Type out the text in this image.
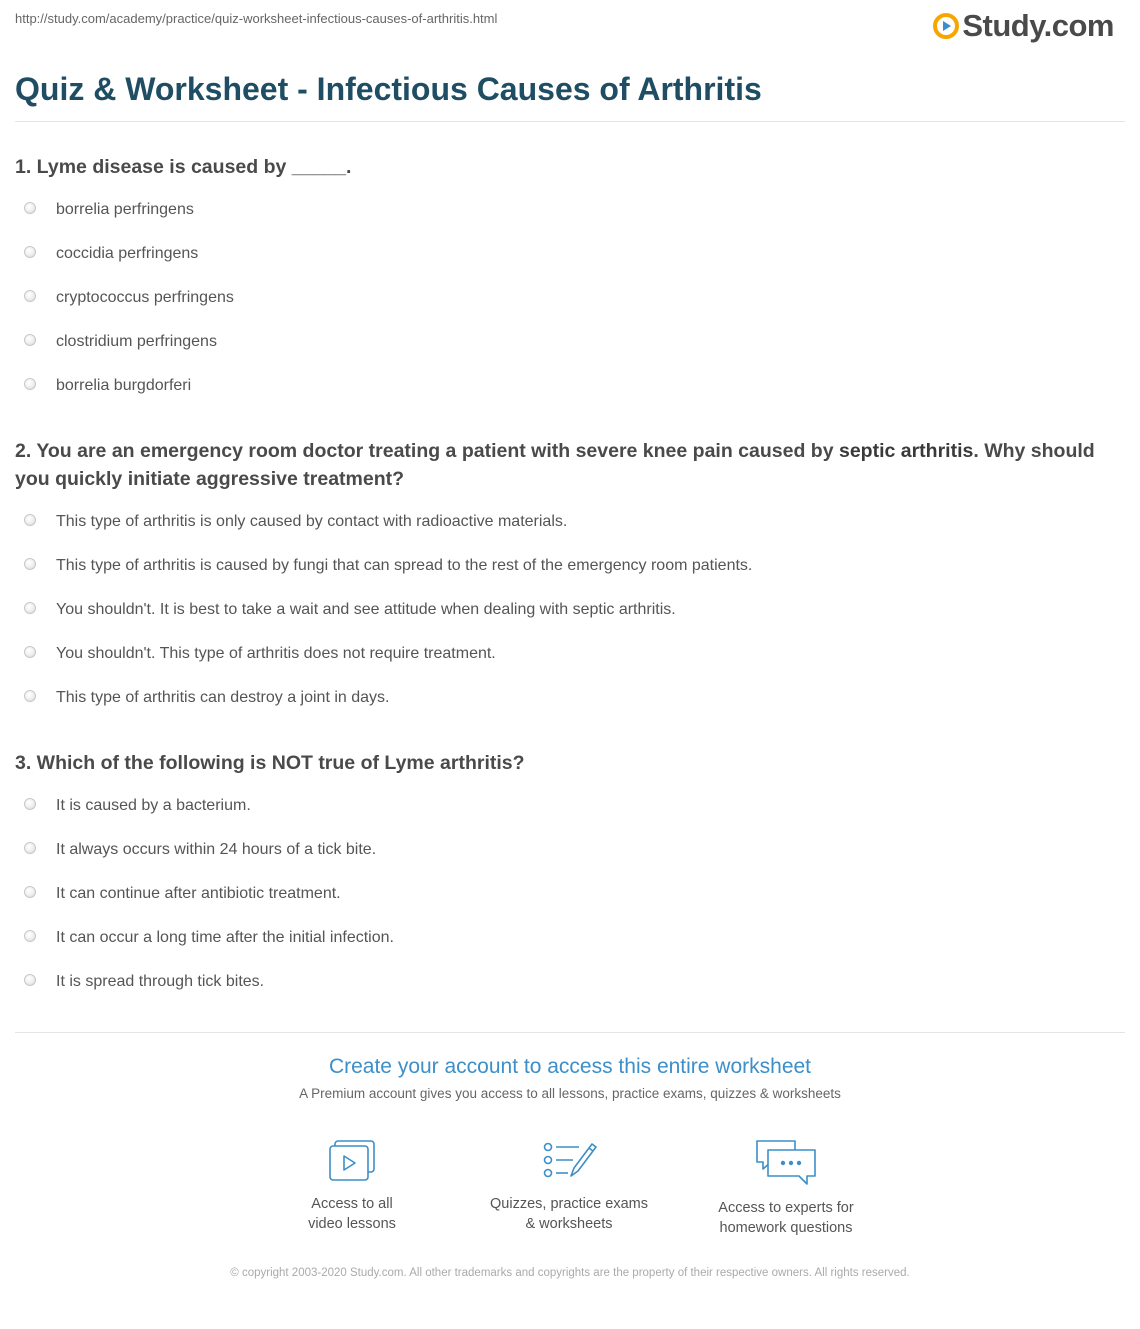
http://study.com/academy/practice/quiz-worksheet-infectious-causes-of-arthritis.html	Study.com
Quiz & Worksheet - Infectious Causes of Arthritis
1. Lyme disease is caused by _____.
borrelia perfringens
coccidia perfringens
cryptococcus perfringens
clostridium perfringens
borrelia burgdorferi
2. You are an emergency room doctor treating a patient with severe knee pain caused by septic arthritis. Why should you quickly initiate aggressive treatment?
This type of arthritis is only caused by contact with radioactive materials.
This type of arthritis is caused by fungi that can spread to the rest of the emergency room patients.
You shouldn't. It is best to take a wait and see attitude when dealing with septic arthritis.
You shouldn't. This type of arthritis does not require treatment.
This type of arthritis can destroy a joint in days.
3. Which of the following is NOT true of Lyme arthritis?
It is caused by a bacterium.
It always occurs within 24 hours of a tick bite.
It can continue after antibiotic treatment.
It can occur a long time after the initial infection.
It is spread through tick bites.
Create your account to access this entire worksheet
A Premium account gives you access to all lessons, practice exams, quizzes & worksheets
Access to all
video lessons
Quizzes, practice exams
& worksheets
Access to experts for
homework questions
© copyright 2003-2020 Study.com. All other trademarks and copyrights are the property of their respective owners. All rights reserved.
